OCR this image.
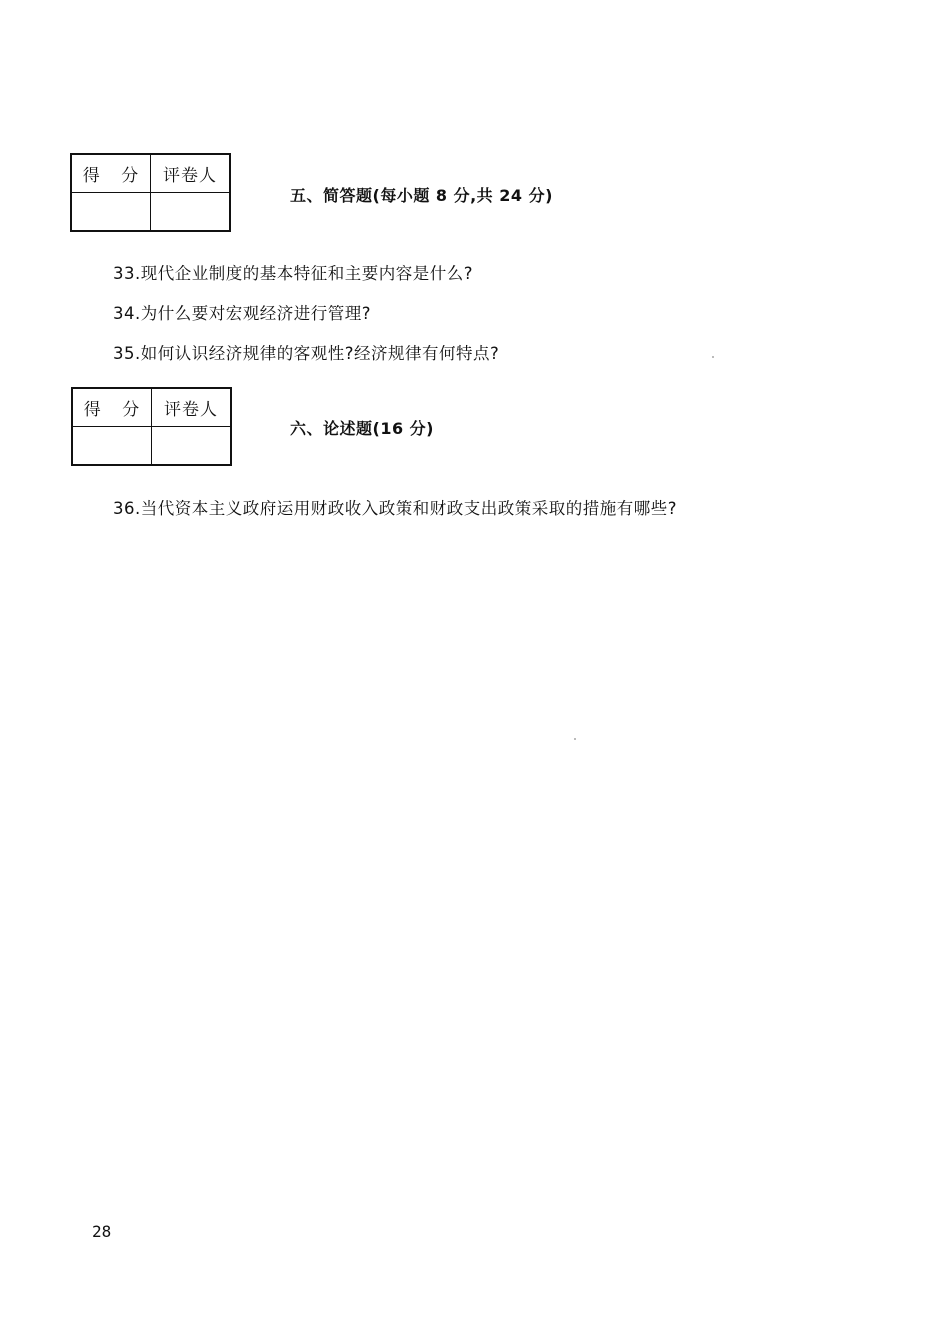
得 分	评卷人

五、简答题(每小题 8 分,共 24 分)
33.现代企业制度的基本特征和主要内容是什么?
34.为什么要对宏观经济进行管理?
35.如何认识经济规律的客观性?经济规律有何特点?
得 分	评卷人

六、论述题(16 分)
36.当代资本主义政府运用财政收入政策和财政支出政策采取的措施有哪些?
28
